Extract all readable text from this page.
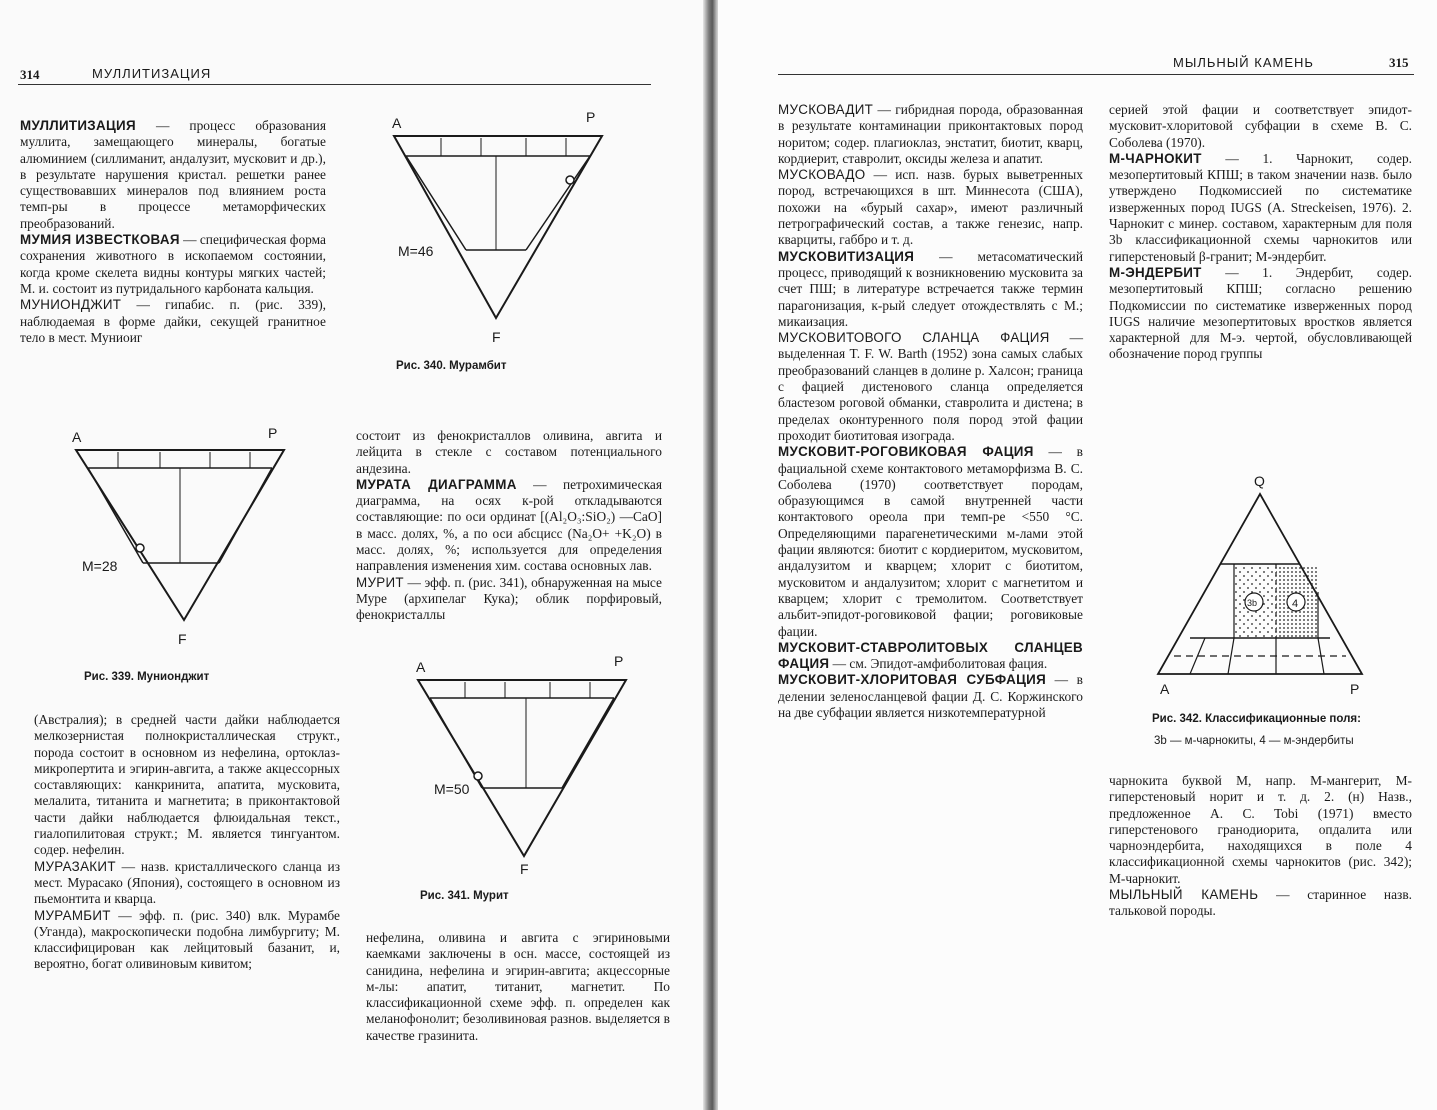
314	МУЛЛИТИЗАЦИЯ

МУЛЛИТИЗАЦИЯ — процесс образования муллита, замещающего минералы, богатые алюминием (силлиманит, андалузит, мусковит и др.), в результате нарушения кристал. решетки ранее существовавших минералов под влиянием роста темп-ры в процессе метаморфических преобразований.

МУМИЯ ИЗВЕСТКОВАЯ — специфическая форма сохранения животного в ископаемом состоянии, когда кроме скелета видны контуры мягких частей; М. и. состоит из путридального карбоната кальция.

МУНИОНДЖИТ — гипабис. п. (рис. 339), наблюдаемая в форме дайки, секущей гранитное тело в мест. Муниоиг

(Австралия); в средней части дайки наблюдается мелкозернистая полнокристаллическая структ., порода состоит в основном из нефелина, ортоклаз-микропертита и эгирин-авгита, а также акцессорных составляющих: канкринита, апатита, мусковита, мелалита, титанита и магнетита; в приконтактовой части дайки наблюдается флюидальная текст., гиалопилитовая структ.; М. является тингуантом. содер. нефелин.

МУРАЗАКИТ — назв. кристаллического сланца из мест. Мурасако (Япония), состоящего в основном из пьемонтита и кварца.

МУРАМБИТ — эфф. п. (рис. 340) влк. Мурамбе (Уганда), макроскопически подобна лимбургиту; М. классифицирован как лейцитовый базанит, и, вероятно, богат оливиновым кивитом;

состоит из фенокристаллов оливина, авгита и лейцита в стекле с составом потенциального андезина.

МУРАТА ДИАГРАММА — петрохимическая диаграмма, на осях к-рой откладываются составляющие: по оси ординат [(Al₂O₃:SiO₂) —CaO] в масс. долях, %, а по оси абсцисс (Na₂O+ +K₂O) в масс. долях, %; используется для определения направления изменения хим. состава основных лав.

МУРИТ — эфф. п. (рис. 341), обнаруженная на мысе Муре (архипелаг Кука); облик порфировый, фенокристаллы

нефелина, оливина и авгита с эгириновыми каемками заключены в осн. массе, состоящей из санидина, нефелина и эгирин-авгита; акцессорные м-лы: апатит, титанит, магнетит. По классификационной схеме эфф. п. определен как меланофонолит; безоливиновая разнов. выделяется в качестве гразинита.

A	P
F
M=28
Рис. 339. Мунионджит
A	P
F
M=46
Рис. 340. Мурамбит
A	P
F
M=50
Рис. 341. Мурит
МЫЛЬНЫЙ КАМЕНЬ	315

МУСКОВАДИТ — гибридная порода, образованная в результате контаминации приконтактовых пород норитом; содер. плагиоклаз, энстатит, биотит, кварц, кордиерит, ставролит, оксиды железа и апатит.

МУСКОВАДО — исп. назв. бурых выветренных пород, встречающихся в шт. Миннесота (США), похожи на «бурый сахар», имеют различный петрографический состав, а также генезис, напр. кварциты, габбро и т. д.

МУСКОВИТИЗАЦИЯ — метасоматический процесс, приводящий к возникновению мусковита за счет ПШ; в литературе встречается также термин парагонизация, к-рый следует отождествлять с М.; микаизация.

МУСКОВИТОВОГО СЛАНЦА ФАЦИЯ — выделенная T. F. W. Barth (1952) зона самых слабых преобразований сланцев в долине р. Халсон; граница с фацией дистенового сланца определяется бластезом роговой обманки, ставролита и дистена; в пределах оконтуренного поля пород этой фации проходит биотитовая изограда.

МУСКОВИТ-РОГОВИКОВАЯ ФАЦИЯ — в фациальной схеме контактового метаморфизма В. С. Соболева (1970) соответствует породам, образующимся в самой внутренней части контактового ореола при темп-ре <550 °С. Определяющими парагенетическими м-лами этой фации являются: биотит с кордиеритом, мусковитом, андалузитом и кварцем; хлорит с биотитом, мусковитом и андалузитом; хлорит с магнетитом и кварцем; хлорит с тремолитом. Соответствует альбит-эпидот-роговиковой фации; роговиковые фации.

МУСКОВИТ-СТАВРОЛИТОВЫХ СЛАНЦЕВ ФАЦИЯ — см. Эпидот-амфиболитовая фация.

МУСКОВИТ-ХЛОРИТОВАЯ СУБФАЦИЯ — в делении зеленосланцевой фации Д. С. Коржинского на две субфации является низкотемпературной

серией этой фации и соответствует эпидот-мусковит-хлоритовой субфации в схеме В. С. Соболева (1970).

М-ЧАРНОКИТ — 1. Чарнокит, содер. мезопертитовый КПШ; в таком значении назв. было утверждено Подкомиссией по систематике изверженных пород IUGS (A. Streckeisen, 1976). 2. Чарнокит с минер. составом, характерным для поля 3b классификационной схемы чарнокитов или гиперстеновый β-гранит; М-эндербит.

М-ЭНДЕРБИТ — 1. Эндербит, содер. мезопертитовый КПШ; согласно решению Подкомиссии по систематике изверженных пород IUGS наличие мезопертитовых вростков является характерной для М-э. чертой, обусловливающей обозначение пород группы

чарнокита буквой М, напр. М-мангерит, М-гиперстеновый норит и т. д. 2. (н) Назв., предложенное A. C. Tobi (1971) вместо гиперстенового гранодиорита, опдалита или чарноэндербита, находящихся в поле 4 классификационной схемы чарнокитов (рис. 342); М-чарнокит.

МЫЛЬНЫЙ КАМЕНЬ — старинное назв. тальковой породы.

3b	4
Q
A	P
Рис. 342. Классификационные поля:
3b — м-чарнокиты, 4 — м-эндербиты
